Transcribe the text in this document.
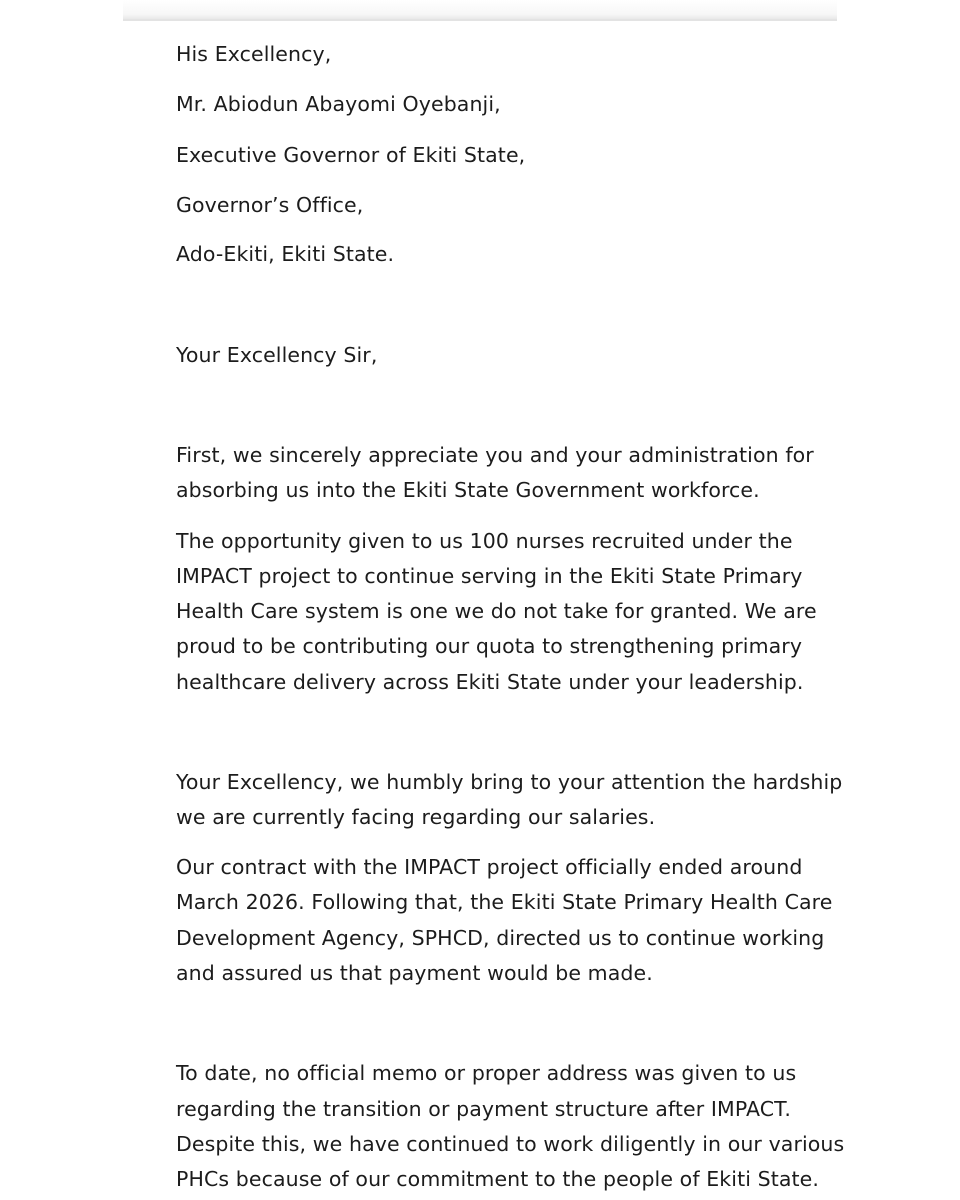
His Excellency,
Mr. Abiodun Abayomi Oyebanji,
Executive Governor of Ekiti State,
Governor’s Office,
Ado-Ekiti, Ekiti State.
Your Excellency Sir,
First, we sincerely appreciate you and your administration for
absorbing us into the Ekiti State Government workforce.
The opportunity given to us 100 nurses recruited under the
IMPACT project to continue serving in the Ekiti State Primary
Health Care system is one we do not take for granted. We are
proud to be contributing our quota to strengthening primary
healthcare delivery across Ekiti State under your leadership.
Your Excellency, we humbly bring to your attention the hardship
we are currently facing regarding our salaries.
Our contract with the IMPACT project officially ended around
March 2026. Following that, the Ekiti State Primary Health Care
Development Agency, SPHCD, directed us to continue working
and assured us that payment would be made.
To date, no official memo or proper address was given to us
regarding the transition or payment structure after IMPACT.
Despite this, we have continued to work diligently in our various
PHCs because of our commitment to the people of Ekiti State.
